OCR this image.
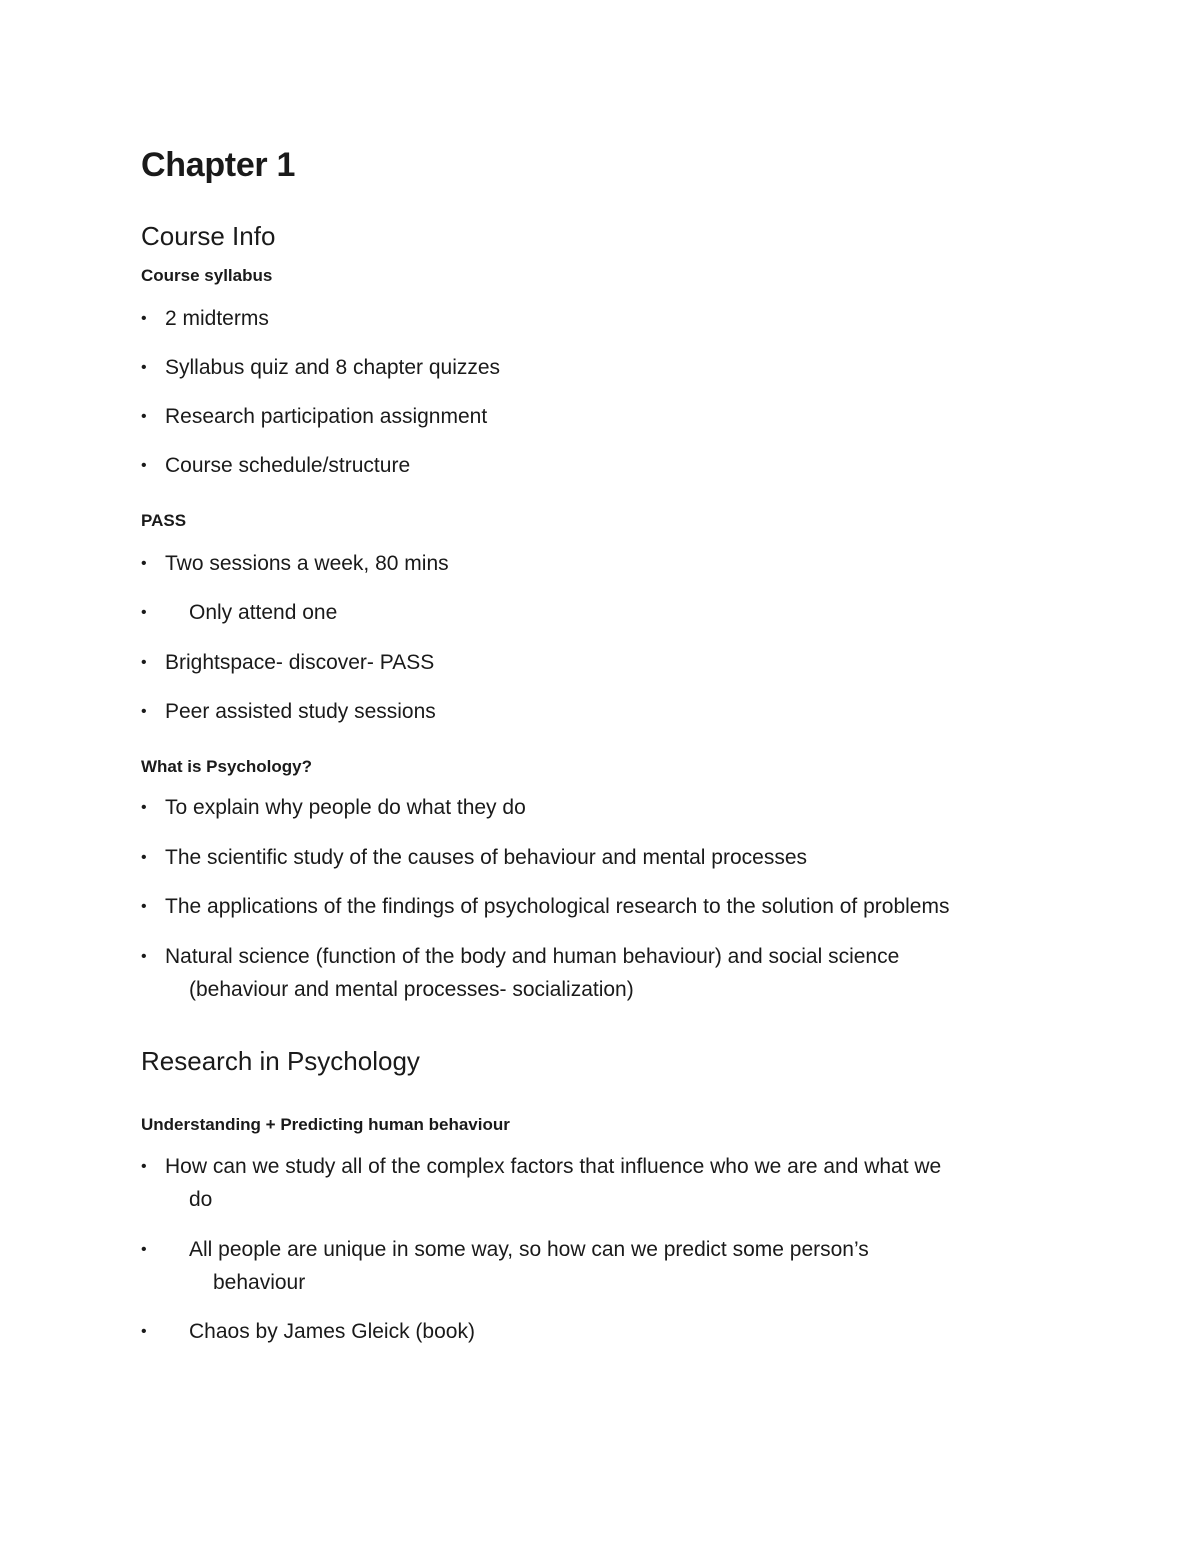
Chapter 1
Course Info
Course syllabus
• 2 midterms
• Syllabus quiz and 8 chapter quizzes
• Research participation assignment
• Course schedule/structure
PASS
• Two sessions a week, 80 mins
•	Only attend one
• Brightspace- discover- PASS
• Peer assisted study sessions
What is Psychology?
• To explain why people do what they do
• The scientific study of the causes of behaviour and mental processes
• The applications of the findings of psychological research to the solution of problems
• Natural science (function of the body and human behaviour) and social science
(behaviour and mental processes- socialization)
Research in Psychology
Understanding + Predicting human behaviour
• How can we study all of the complex factors that influence who we are and what we
do
•	All people are unique in some way, so how can we predict some person’s
behaviour
•	Chaos by James Gleick (book)
